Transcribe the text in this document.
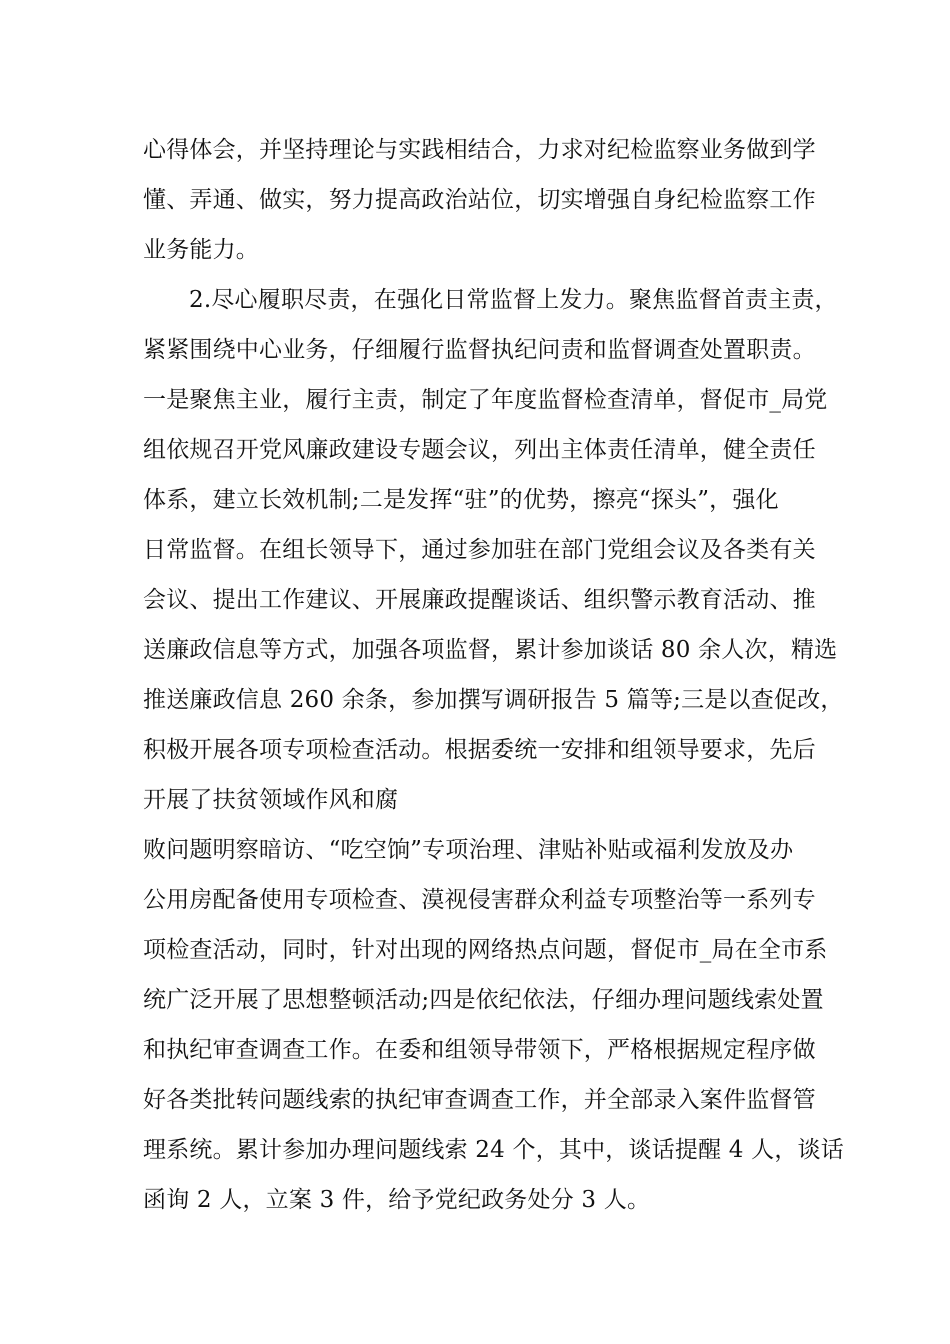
心得体会，并坚持理论与实践相结合，力求对纪检监察业务做到学
懂、弄通、做实，努力提高政治站位，切实增强自身纪检监察工作
业务能力。
2.尽心履职尽责，在强化日常监督上发力。聚焦监督首责主责，
紧紧围绕中心业务，仔细履行监督执纪问责和监督调查处置职责。
一是聚焦主业，履行主责，制定了年度监督检查清单，督促市_局党
组依规召开党风廉政建设专题会议，列出主体责任清单，健全责任
体系，建立长效机制;二是发挥“驻”的优势，擦亮“探头”，强化
日常监督。在组长领导下，通过参加驻在部门党组会议及各类有关
会议、提出工作建议、开展廉政提醒谈话、组织警示教育活动、推
送廉政信息等方式，加强各项监督，累计参加谈话 80 余人次，精选
推送廉政信息 260 余条，参加撰写调研报告 5 篇等;三是以查促改，
积极开展各项专项检查活动。根据委统一安排和组领导要求，先后
开展了扶贫领域作风和腐
败问题明察暗访、“吃空饷”专项治理、津贴补贴或福利发放及办
公用房配备使用专项检查、漠视侵害群众利益专项整治等一系列专
项检查活动，同时，针对出现的网络热点问题，督促市_局在全市系
统广泛开展了思想整顿活动;四是依纪依法，仔细办理问题线索处置
和执纪审查调查工作。在委和组领导带领下，严格根据规定程序做
好各类批转问题线索的执纪审查调查工作，并全部录入案件监督管
理系统。累计参加办理问题线索 24 个，其中，谈话提醒 4 人，谈话
函询 2 人，立案 3 件，给予党纪政务处分 3 人。
